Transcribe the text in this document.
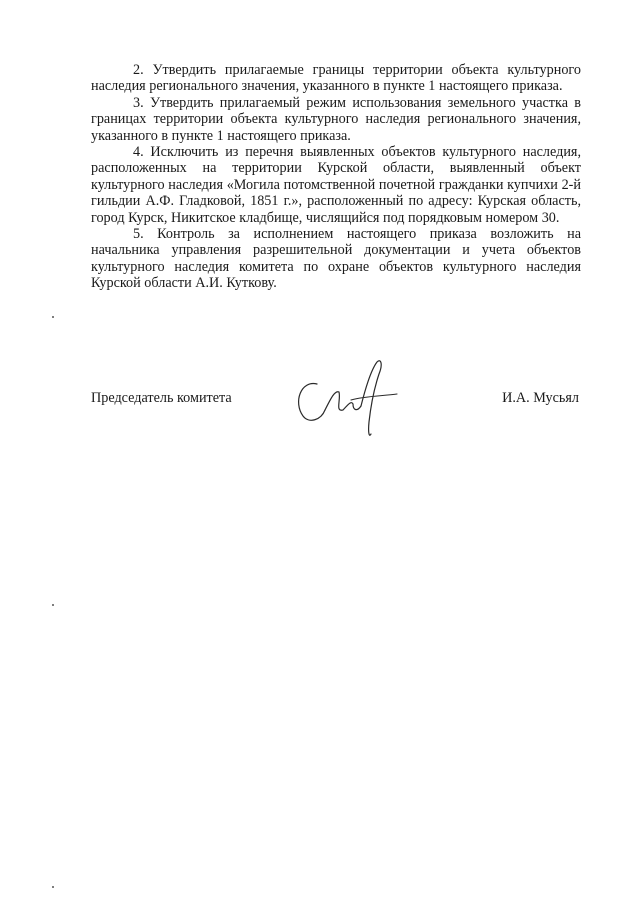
2. Утвердить прилагаемые границы территории объекта культурного наследия регионального значения, указанного в пункте 1 настоящего приказа.

3. Утвердить прилагаемый режим использования земельного участка в границах территории объекта культурного наследия регионального значения, указанного в пункте 1 настоящего приказа.

4. Исключить из перечня выявленных объектов культурного наследия, расположенных на территории Курской области, выявленный объект культурного наследия «Могила потомственной почетной гражданки купчихи 2-й гильдии А.Ф. Гладковой, 1851 г.», расположенный по адресу: Курская область, город Курск, Никитское кладбище, числящийся под порядковым номером 30.

5. Контроль за исполнением настоящего приказа возложить на начальника управления разрешительной документации и учета объектов культурного наследия комитета по охране объектов культурного наследия Курской области А.И. Куткову.

Председатель комитета	И.А. Мусьял
